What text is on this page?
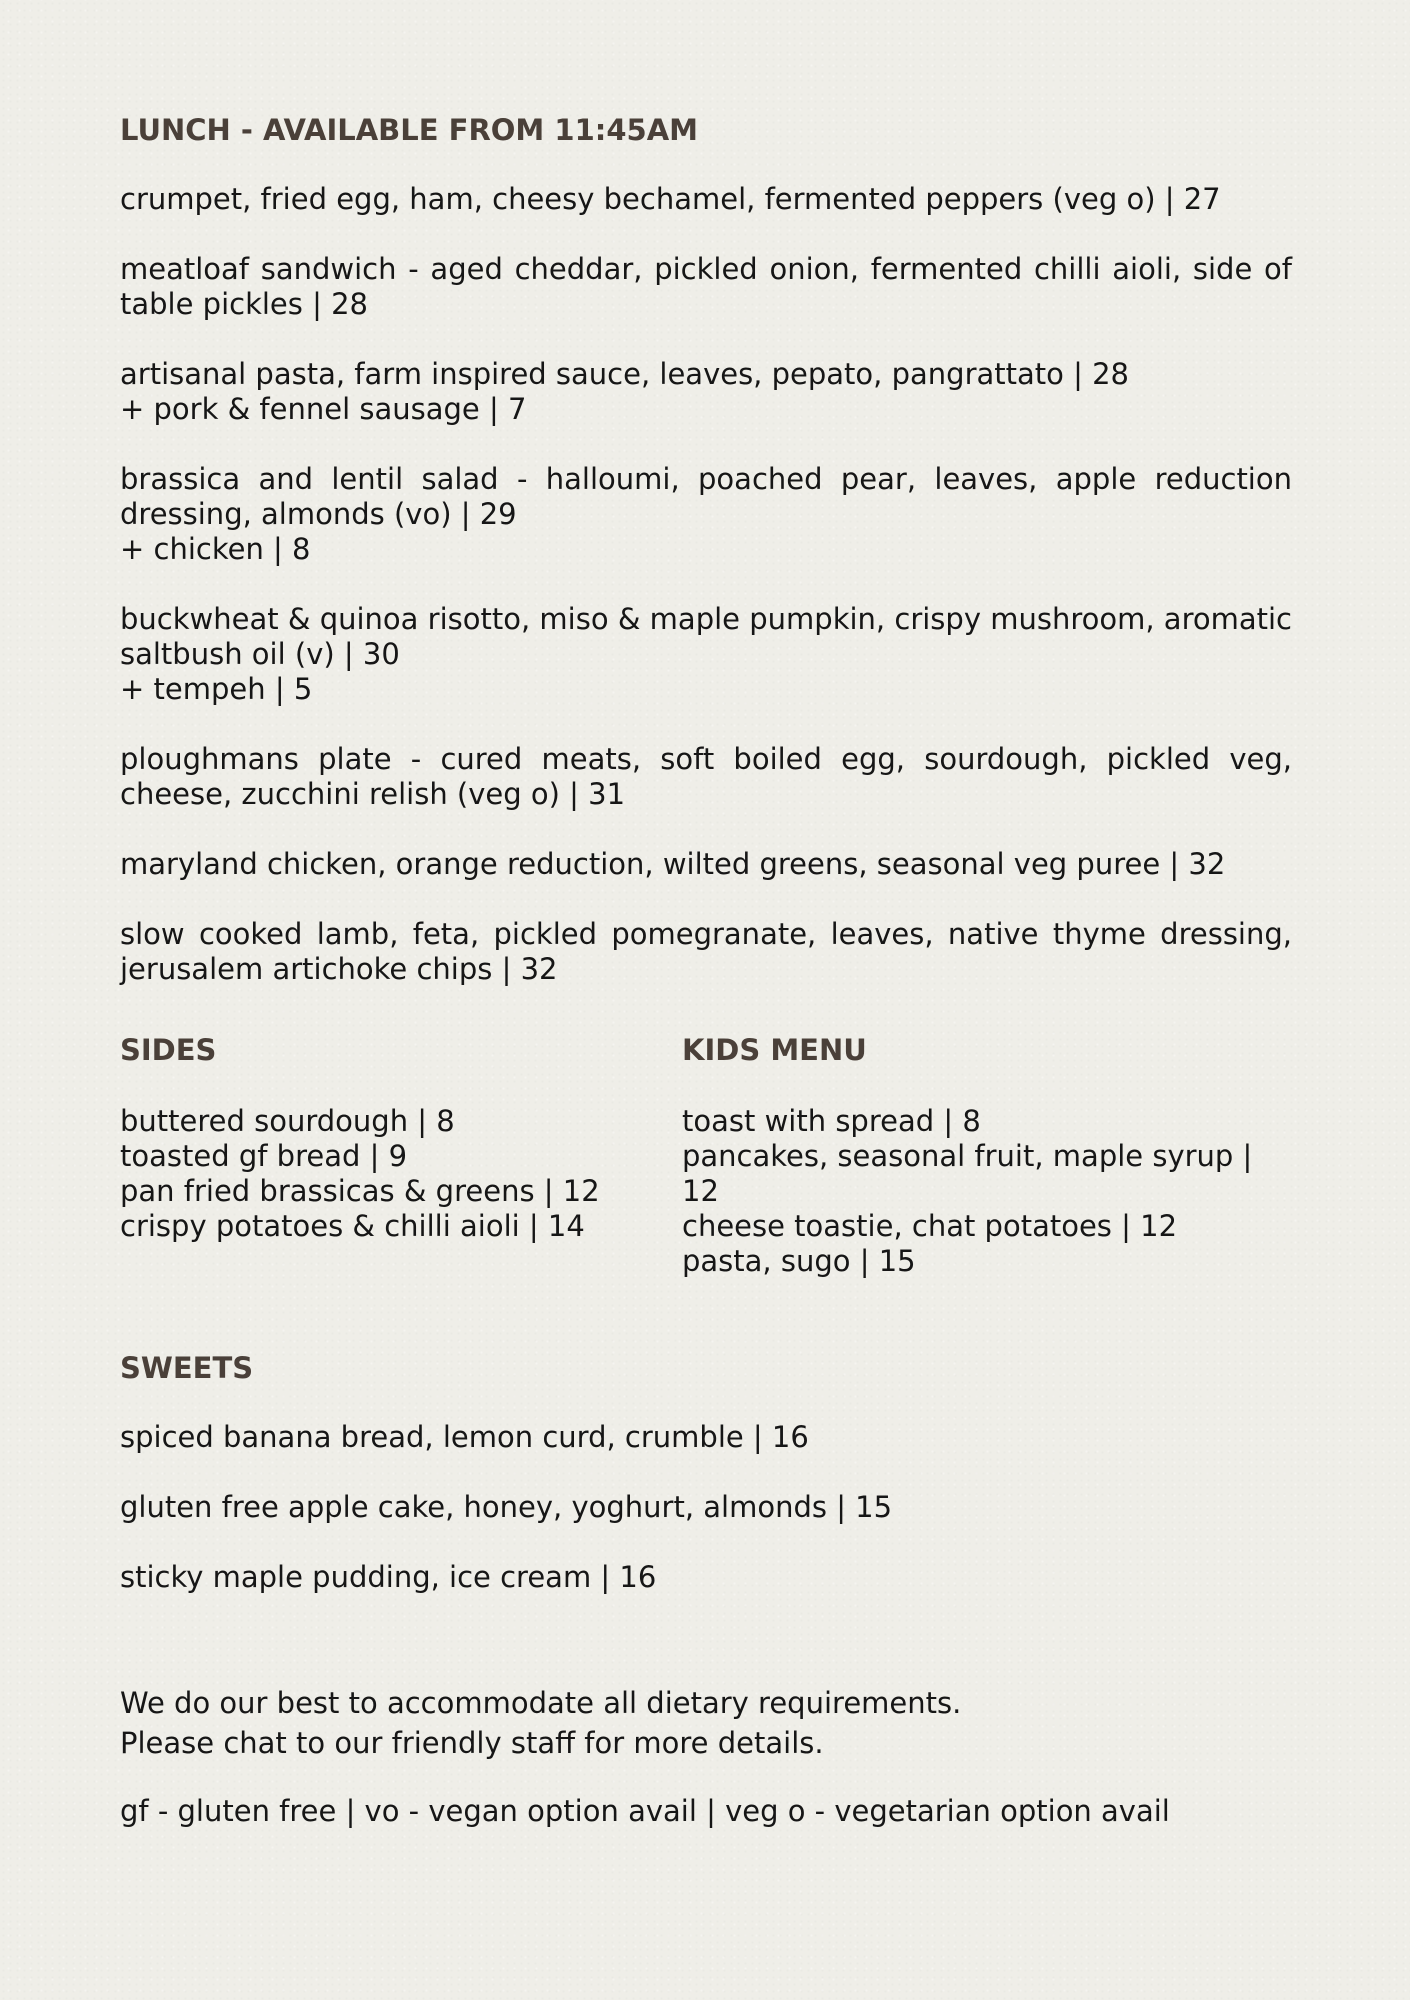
LUNCH - AVAILABLE FROM 11:45AM

crumpet, fried egg, ham, cheesy bechamel, fermented peppers (veg o) | 27

meatloaf sandwich - aged cheddar, pickled onion, fermented chilli aioli, side of table pickles | 28

artisanal pasta, farm inspired sauce, leaves, pepato, pangrattato | 28

+ pork & fennel sausage | 7

brassica and lentil salad - halloumi, poached pear, leaves, apple reduction dressing, almonds (vo) | 29

+ chicken | 8

buckwheat & quinoa risotto, miso & maple pumpkin, crispy mushroom, aromatic saltbush oil (v) | 30

+ tempeh | 5

ploughmans plate - cured meats, soft boiled egg, sourdough, pickled veg, cheese, zucchini relish (veg o) | 31

maryland chicken, orange reduction, wilted greens, seasonal veg puree | 32

slow cooked lamb, feta, pickled pomegranate, leaves, native thyme dressing, jerusalem artichoke chips | 32

SIDES
buttered sourdough | 8
toasted gf bread | 9
pan fried brassicas & greens | 12
crispy potatoes & chilli aioli | 14
KIDS MENU
toast with spread | 8
pancakes, seasonal fruit, maple syrup | 12
cheese toastie, chat potatoes | 12
pasta, sugo | 15
SWEETS
spiced banana bread, lemon curd, crumble | 16
gluten free apple cake, honey, yoghurt, almonds | 15
sticky maple pudding, ice cream | 16

We do our best to accommodate all dietary requirements.

Please chat to our friendly staff for more details.

gf - gluten free | vo - vegan option avail | veg o - vegetarian option avail
